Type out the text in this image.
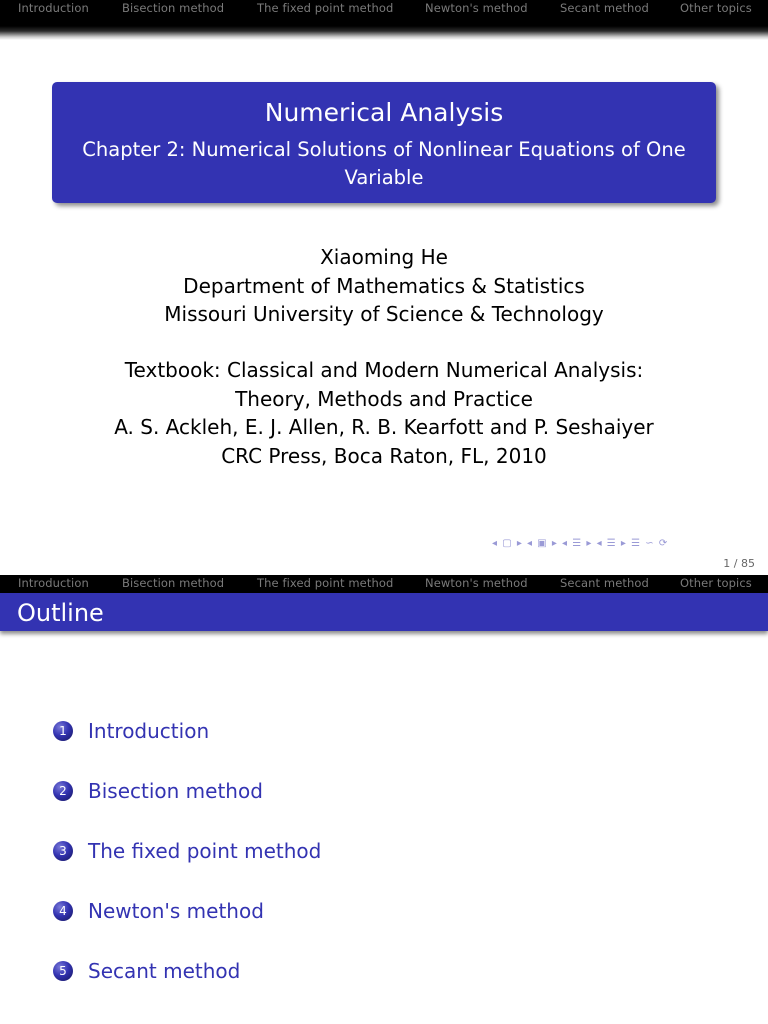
Introduction	Bisection method	The fixed point method	Newton's method	Secant method	Other topics
Numerical Analysis
Chapter 2: Numerical Solutions of Nonlinear Equations of One Variable
Xiaoming He
Department of Mathematics & Statistics
Missouri University of Science & Technology
Textbook: Classical and Modern Numerical Analysis:
Theory, Methods and Practice
A. S. Ackleh, E. J. Allen, R. B. Kearfott and P. Seshaiyer
CRC Press, Boca Raton, FL, 2010
◂ ▢ ▸ ◂ ▣ ▸ ◂ ☰ ▸ ◂ ☰ ▸ ☰ ∽ ⟳
1 / 85
Introduction	Bisection method	The fixed point method	Newton's method	Secant method	Other topics
Outline
1	Introduction
2	Bisection method
3	The fixed point method
4	Newton's method
5	Secant method
